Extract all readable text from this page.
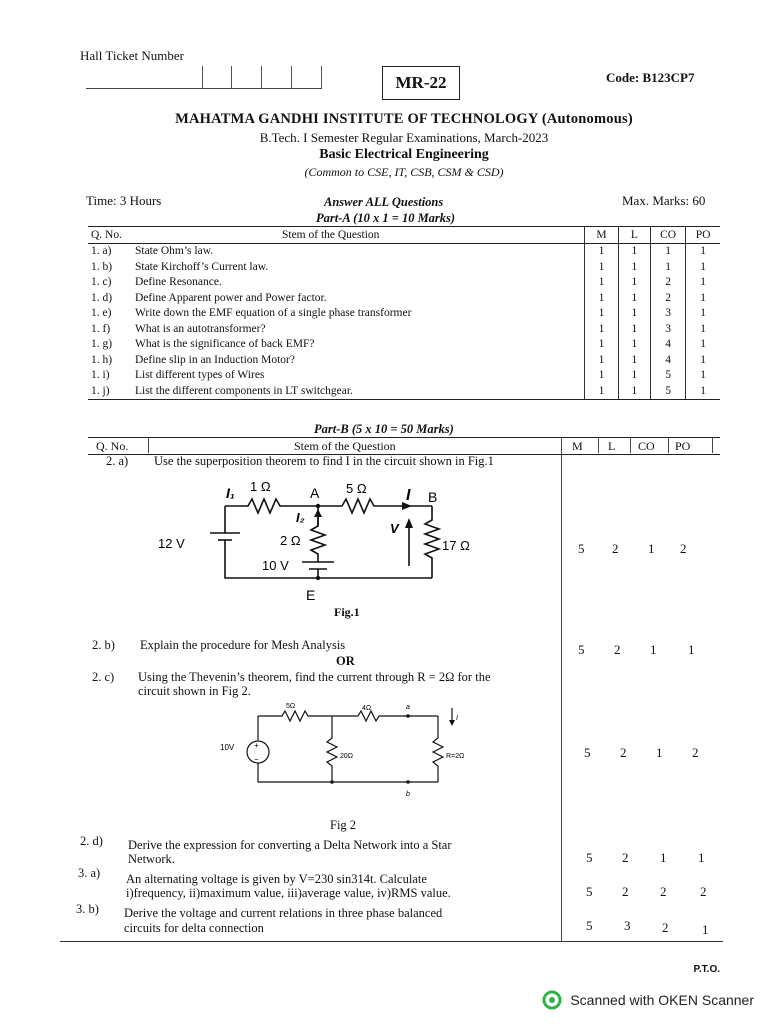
Hall Ticket Number
MR-22	Code: B123CP7
MAHATMA GANDHI INSTITUTE OF TECHNOLOGY (Autonomous)
B.Tech. I Semester Regular Examinations, March-2023
Basic Electrical Engineering
(Common to CSE, IT, CSB, CSM & CSD)
Time: 3 Hours	Max. Marks: 60
Answer ALL Questions
Part-A (10 x 1 = 10 Marks)
Q. No.	Stem of the Question	M	L	CO	PO
1. a)	State Ohm’s law.	1	1	1	1
1. b)	State Kirchoff’s Current law.	1	1	1	1
1. c)	Define Resonance.	1	1	2	1
1. d)	Define Apparent power and Power factor.	1	1	2	1
1. e)	Write down the EMF equation of a single phase transformer	1	1	3	1
1. f)	What is an autotransformer?	1	1	3	1
1. g)	What is the significance of back EMF?	1	1	4	1
1. h)	Define slip in an Induction Motor?	1	1	4	1
1. i)	List different types of Wires	1	1	5	1
1. j)	List the different components in LT switchgear.	1	1	5	1
Part-B (5 x 10 = 50 Marks)
Q. No.	Stem of the Question	M L CO PO
2. a) Use the superposition theorem to find I in the circuit shown in Fig.1
5 2 1 2
I₁ 1 Ω	A 5 Ω I B
I₂
2 Ω
V
17 Ω
12 V
10 V
E
Fig.1
2. b) Explain the procedure for Mesh Analysis	5 2 1 1
OR
2. c) Using the Thevenin’s theorem, find the current through R = 2Ω for the
circuit shown in Fig 2.
5 2 1 2
+
−
5Ω	4Ω	a
10V
20Ω	R=2Ω
b
I
Fig 2
2. d) Derive the expression for converting a Delta Network into a Star
Network.	5 2 1 1
3. a) An alternating voltage is given by V=230 sin314t. Calculate
i)frequency, ii)maximum value, iii)average value, iv)RMS value.	5 2 2	2
3. b) Derive the voltage and current relations in three phase balanced
circuits for delta connection	5 3 2	1
P.T.O.
Scanned with OKEN Scanner
